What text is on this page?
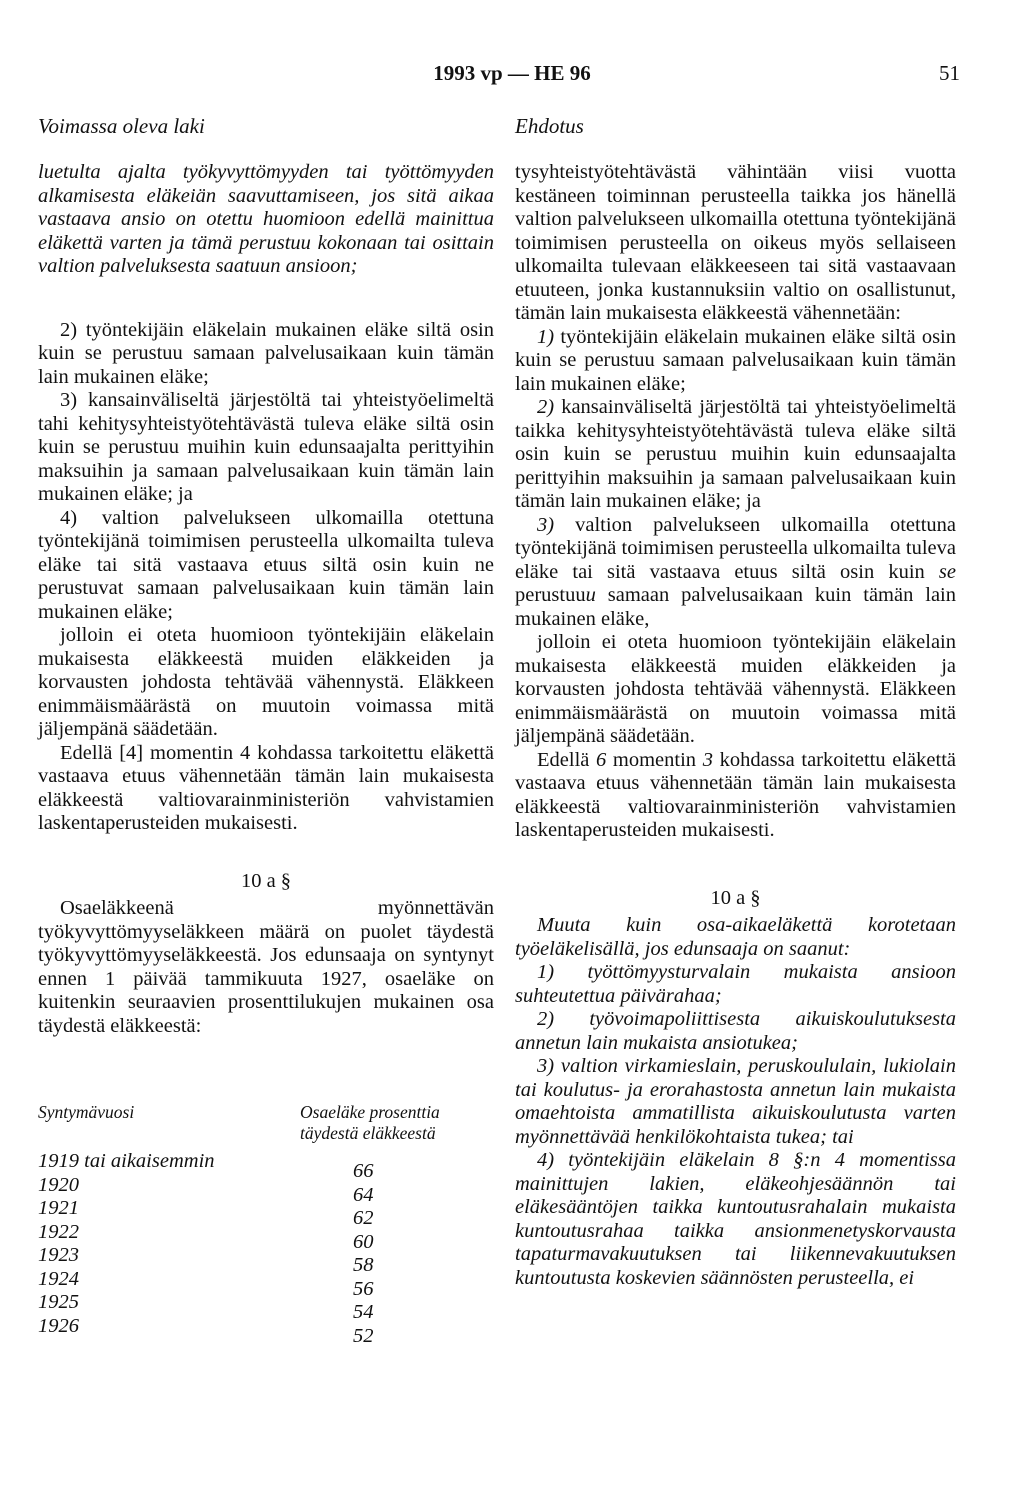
1993 vp — HE 96	51
Voimassa oleva laki	Ehdotus

luetulta ajalta työkyvyttömyyden tai työttömyyden alkamisesta eläkeiän saavuttamiseen, jos sitä aikaa vastaava ansio on otettu huomioon edellä mainittua eläkettä varten ja tämä perustuu kokonaan tai osittain valtion palveluksesta saatuun ansioon;

2) työntekijäin eläkelain mukainen eläke siltä osin kuin se perustuu samaan palvelusaikaan kuin tämän lain mukainen eläke;

3) kansainväliseltä järjestöltä tai yhteistyöelimeltä tahi kehitysyhteistyötehtävästä tuleva eläke siltä osin kuin se perustuu muihin kuin edunsaajalta perittyihin maksuihin ja samaan palvelusaikaan kuin tämän lain mukainen eläke; ja

4) valtion palvelukseen ulkomailla otettuna työntekijänä toimimisen perusteella ulkomailta tuleva eläke tai sitä vastaava etuus siltä osin kuin ne perustuvat samaan palvelusaikaan kuin tämän lain mukainen eläke;

jolloin ei oteta huomioon työntekijäin eläkelain mukaisesta eläkkeestä muiden eläkkeiden ja korvausten johdosta tehtävää vähennystä. Eläkkeen enimmäismäärästä on muutoin voimassa mitä jäljempänä säädetään.

Edellä [4] momentin 4 kohdassa tarkoitettu eläkettä vastaava etuus vähennetään tämän lain mukaisesta eläkkeestä valtiovarainministeriön vahvistamien laskentaperusteiden mukaisesti.

10 a §

Osaeläkkeenä myönnettävän työkyvyttömyyseläkkeen määrä on puolet täydestä työkyvyttömyyseläkkeestä. Jos edunsaaja on syntynyt ennen 1 päivää tammikuuta 1927, osaeläke on kuitenkin seuraavien prosenttilukujen mukainen osa täydestä eläkkeestä:

Syntymävuosi	Osaeläke prosenttia täydestä eläkkeestä
1919 tai aikaisemmin	66
1920	64
1921	62
1922	60
1923	58
1924	56
1925	54
1926	52

tysyhteistyötehtävästä vähintään viisi vuotta kestäneen toiminnan perusteella taikka jos hänellä valtion palvelukseen ulkomailla otettuna työntekijänä toimimisen perusteella on oikeus myös sellaiseen ulkomailta tulevaan eläkkeeseen tai sitä vastaavaan etuuteen, jonka kustannuksiin valtio on osallistunut, tämän lain mukaisesta eläkkeestä vähennetään:

1) työntekijäin eläkelain mukainen eläke siltä osin kuin se perustuu samaan palvelusaikaan kuin tämän lain mukainen eläke;

2) kansainväliseltä järjestöltä tai yhteistyöelimeltä taikka kehitysyhteistyötehtävästä tuleva eläke siltä osin kuin se perustuu muihin kuin edunsaajalta perittyihin maksuihin ja samaan palvelusaikaan kuin tämän lain mukainen eläke; ja

3) valtion palvelukseen ulkomailla otettuna työntekijänä toimimisen perusteella ulkomailta tuleva eläke tai sitä vastaava etuus siltä osin kuin se perustuuu samaan palvelusaikaan kuin tämän lain mukainen eläke,

jolloin ei oteta huomioon työntekijäin eläkelain mukaisesta eläkkeestä muiden eläkkeiden ja korvausten johdosta tehtävää vähennystä. Eläkkeen enimmäismäärästä on muutoin voimassa mitä jäljempänä säädetään.

Edellä 6 momentin 3 kohdassa tarkoitettu eläkettä vastaava etuus vähennetään tämän lain mukaisesta eläkkeestä valtiovarainministeriön vahvistamien laskentaperusteiden mukaisesti.

10 a §

Muuta kuin osa-aikaeläkettä korotetaan työeläkelisällä, jos edunsaaja on saanut:

1) työttömyysturvalain mukaista ansioon suhteutettua päivärahaa;

2) työvoimapoliittisesta aikuiskoulutuksesta annetun lain mukaista ansiotukea;

3) valtion virkamieslain, peruskoululain, lukiolain tai koulutus- ja erorahastosta annetun lain mukaista omaehtoista ammatillista aikuiskoulutusta varten myönnettävää henkilökohtaista tukea; tai

4) työntekijäin eläkelain 8 §:n 4 momentissa mainittujen lakien, eläkeohjesäännön tai eläkesääntöjen taikka kuntoutusrahalain mukaista kuntoutusrahaa taikka ansionmenetyskorvausta tapaturmavakuutuksen tai liikennevakuutuksen kuntoutusta koskevien säännösten perusteella, ei
